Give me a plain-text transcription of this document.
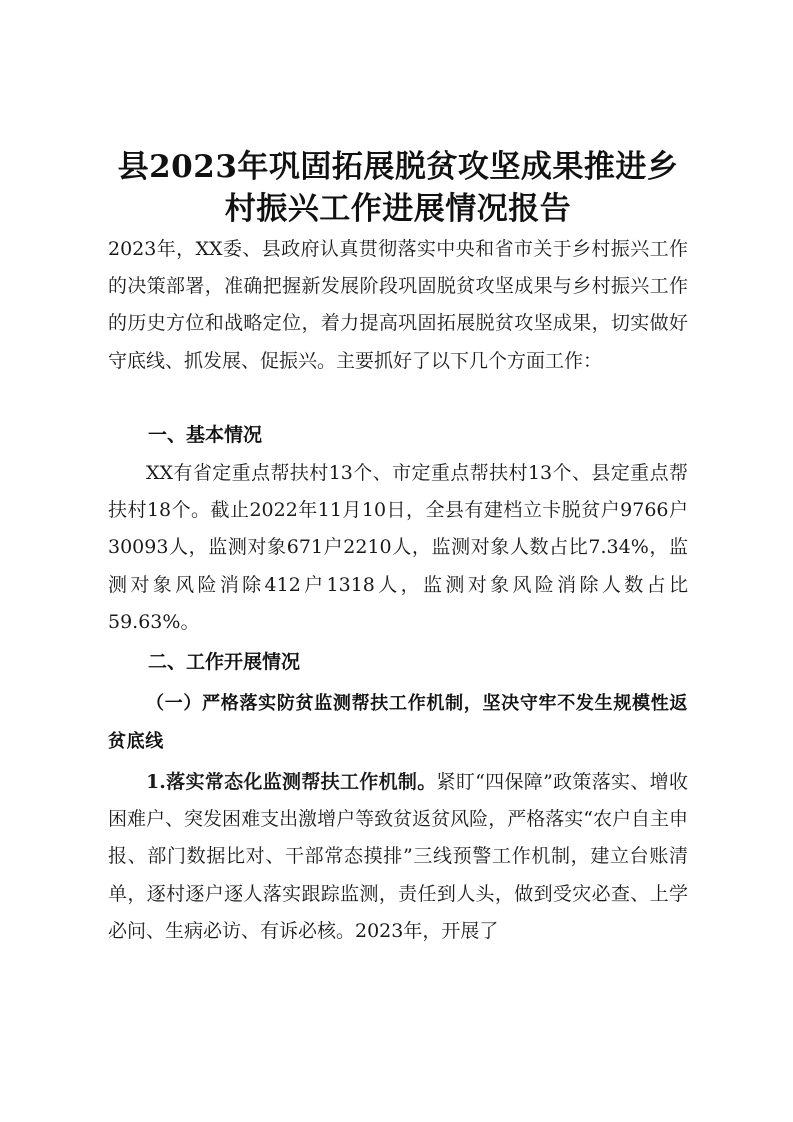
县2023年巩固拓展脱贫攻坚成果推进乡村振兴工作进展情况报告

2023年，XX委、县政府认真贯彻落实中央和省市关于乡村振兴工作的决策部署，准确把握新发展阶段巩固脱贫攻坚成果与乡村振兴工作的历史方位和战略定位，着力提高巩固拓展脱贫攻坚成果，切实做好守底线、抓发展、促振兴。主要抓好了以下几个方面工作：

一、基本情况

XX有省定重点帮扶村13个、市定重点帮扶村13个、县定重点帮扶村18个。截止2022年11月10日，全县有建档立卡脱贫户9766户30093人，监测对象671户2210人，监测对象人数占比7.34%，监测对象风险消除412户1318人，监测对象风险消除人数占比59.63%。

二、工作开展情况

（一）严格落实防贫监测帮扶工作机制，坚决守牢不发生规模性返贫底线

1.落实常态化监测帮扶工作机制。紧盯“四保障”政策落实、增收困难户、突发困难支出激增户等致贫返贫风险，严格落实“农户自主申报、部门数据比对、干部常态摸排”三线预警工作机制，建立台账清单，逐村逐户逐人落实跟踪监测，责任到人头，做到受灾必查、上学必问、生病必访、有诉必核。2023年，开展了
